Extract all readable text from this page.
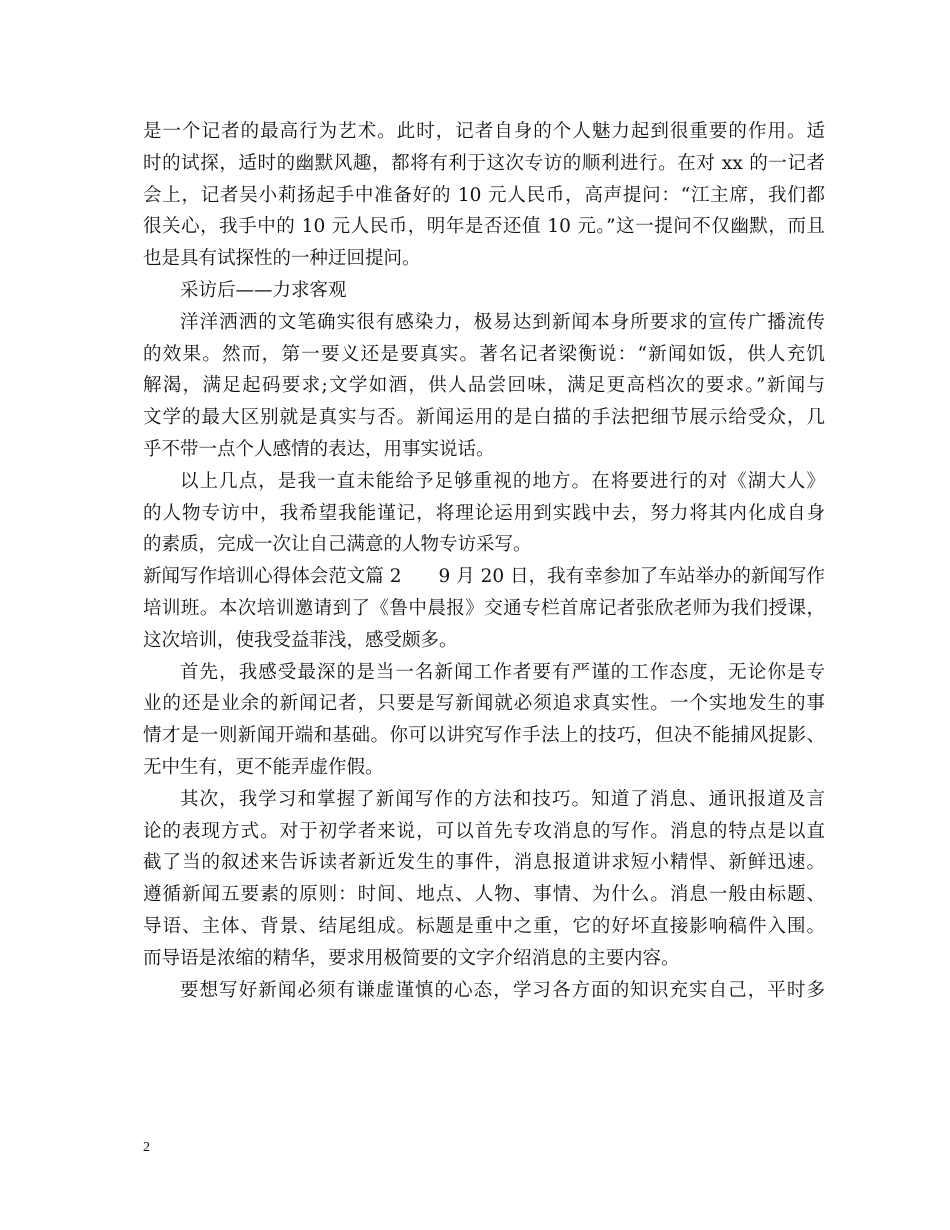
是一个记者的最高行为艺术。此时，记者自身的个人魅力起到很重要的作用。适
时的试探，适时的幽默风趣，都将有利于这次专访的顺利进行。在对 xx 的一记者
会上，记者吴小莉扬起手中准备好的 10 元人民币，高声提问：“江主席，我们都
很关心，我手中的 10 元人民币，明年是否还值 10 元。”这一提问不仅幽默，而且
也是具有试探性的一种迂回提问。
采访后——力求客观
洋洋洒洒的文笔确实很有感染力，极易达到新闻本身所要求的宣传广播流传
的效果。然而，第一要义还是要真实。著名记者梁衡说：“新闻如饭，供人充饥
解渴，满足起码要求;文学如酒，供人品尝回味，满足更高档次的要求。”新闻与
文学的最大区别就是真实与否。新闻运用的是白描的手法把细节展示给受众，几
乎不带一点个人感情的表达，用事实说话。
以上几点，是我一直未能给予足够重视的地方。在将要进行的对《湖大人》
的人物专访中，我希望我能谨记，将理论运用到实践中去，努力将其内化成自身
的素质，完成一次让自己满意的人物专访采写。
新闻写作培训心得体会范文篇 2　　9 月 20 日，我有幸参加了车站举办的新闻写作
培训班。本次培训邀请到了《鲁中晨报》交通专栏首席记者张欣老师为我们授课，
这次培训，使我受益菲浅，感受颇多。
首先，我感受最深的是当一名新闻工作者要有严谨的工作态度，无论你是专
业的还是业余的新闻记者，只要是写新闻就必须追求真实性。一个实地发生的事
情才是一则新闻开端和基础。你可以讲究写作手法上的技巧，但决不能捕风捉影、
无中生有，更不能弄虚作假。
其次，我学习和掌握了新闻写作的方法和技巧。知道了消息、通讯报道及言
论的表现方式。对于初学者来说，可以首先专攻消息的写作。消息的特点是以直
截了当的叙述来告诉读者新近发生的事件，消息报道讲求短小精悍、新鲜迅速。
遵循新闻五要素的原则：时间、地点、人物、事情、为什么。消息一般由标题、
导语、主体、背景、结尾组成。标题是重中之重，它的好坏直接影响稿件入围。
而导语是浓缩的精华，要求用极简要的文字介绍消息的主要内容。
要想写好新闻必须有谦虚谨慎的心态，学习各方面的知识充实自己，平时多
2
